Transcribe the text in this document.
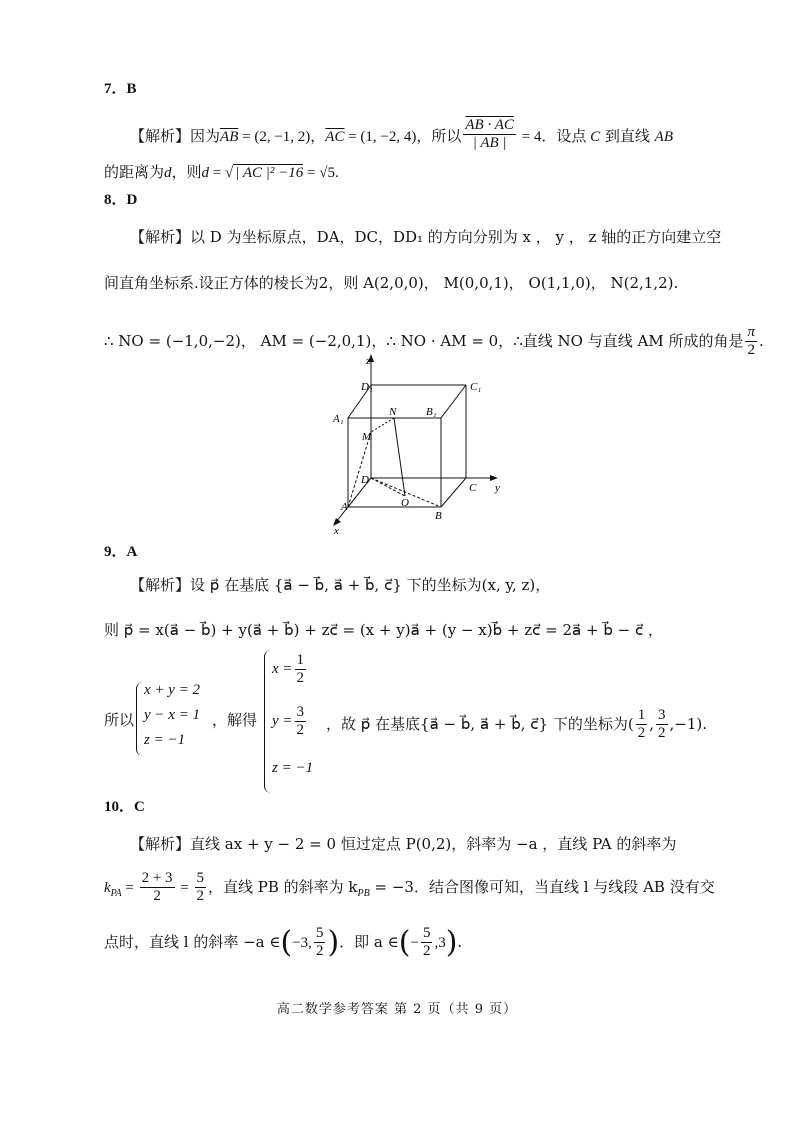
7．B
【解析】因为$\overline{AB} = (2$, −1, 2)，$\overline{AC} = (1$, −2, 4)，所以 $\frac{AB \cdot AC}{| AB |} = 4$．设点 C 到直线 AB
的距离为d，则d = √ | AC |² −16 = √5.
8．D
【解析】以 D 为坐标原点，DA，DC，DD₁ 的方向分别为 x ， y ， z 轴的正方向建立空
间直角坐标系.设正方体的棱长为2，则 A(2,0,0)， M(0,0,1)， O(1,1,0)， N(2,1,2).
∴ NO = (−1,0,−2)， AM = (−2,0,1)，∴ NO · AM = 0，∴直线 NO 与直线 AM 所成的角是 $\frac{\pi}{2}$ .
z
y
x
D₁	C₁
A₁
B₁
N
M
D
O
A
B
C
9．A
【解析】设 p⃗ 在基底 {a⃗ − b⃗, a⃗ + b⃗, c⃗} 下的坐标为(x, y, z)，
则 p⃗ = x(a⃗ − b⃗) + y(a⃗ + b⃗) + zc⃗ = (x + y)a⃗ + (y − x)b⃗ + zc⃗ = 2a⃗ + b⃗ − c⃗ ，
所以
x + y = 2
y − x = 1
z = −1
，解得
$x = \frac{1}{2}$
$y = \frac{3}{2}$
z = −1
，故 p⃗ 在基底{a⃗ − b⃗, a⃗ + b⃗, c⃗} 下的坐标为( $\frac{1}{2}$ , $\frac{3}{2} ,-1$).
10．C
【解析】直线 ax + y − 2 = 0 恒过定点 P(0,2)，斜率为 −a ，直线 PA 的斜率为
$k_{PA} = \frac{2 + 3}{2} = \frac{5}{2}$ ，直线 PB 的斜率为 $k_{PB} = -3$．结合图像可知，当直线 l 与线段 AB 没有交
点时，直线 l 的斜率 −a ∈(−3, $\frac{5}{2}$ )．即 a ∈(− $\frac{5}{2} ,3$).
高二数学参考答案 第 2 页（共 9 页）
